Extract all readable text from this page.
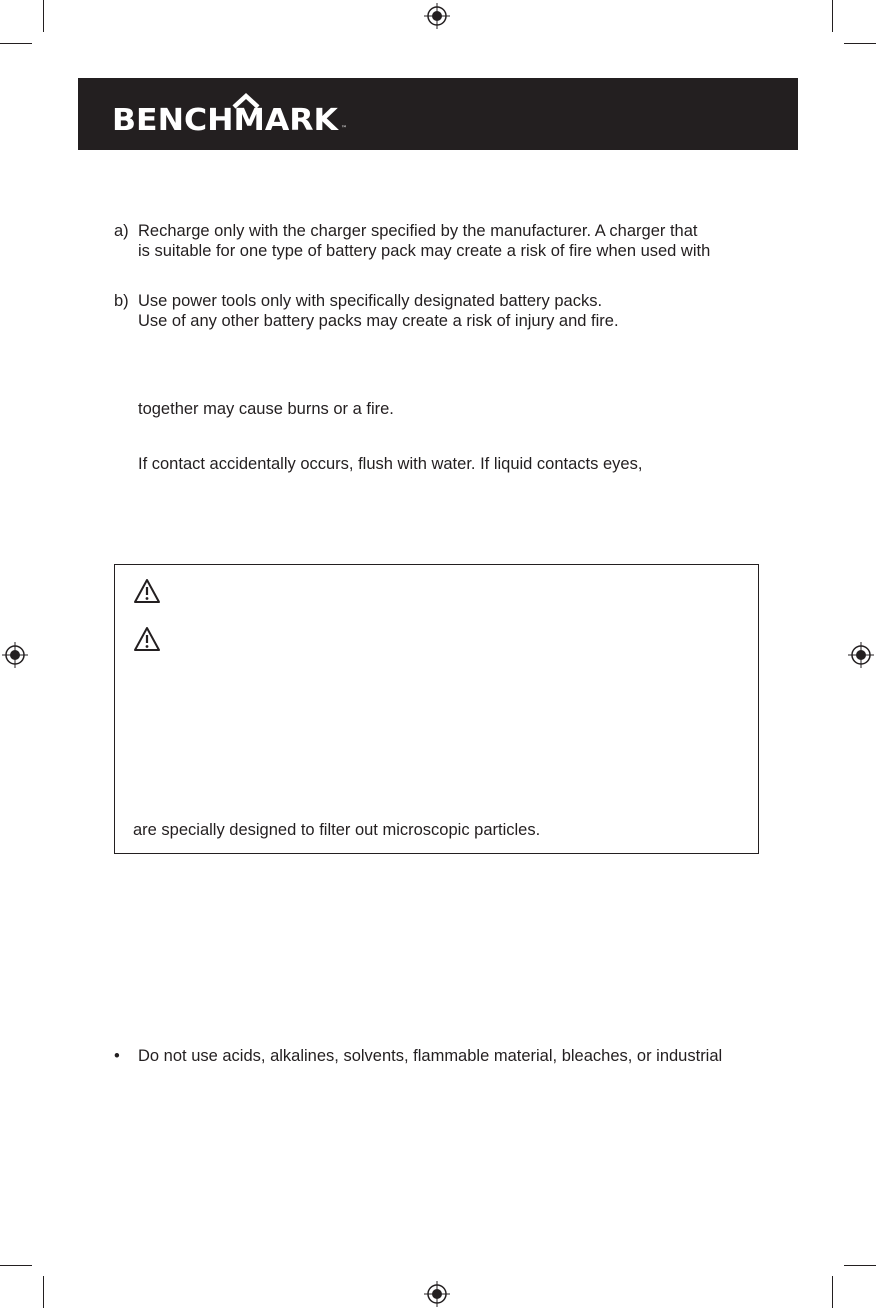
BENCHMARK ™
a) Recharge only with the charger specified by the manufacturer. A charger that
is suitable for one type of battery pack may create a risk of fire when used with
b) Use power tools only with specifically designated battery packs.
Use of any other battery packs may create a risk of injury and fire.
together may cause burns or a fire.
If contact accidentally occurs, flush with water. If liquid contacts eyes,
are specially designed to filter out microscopic particles.
• Do not use acids, alkalines, solvents, flammable material, bleaches, or industrial
